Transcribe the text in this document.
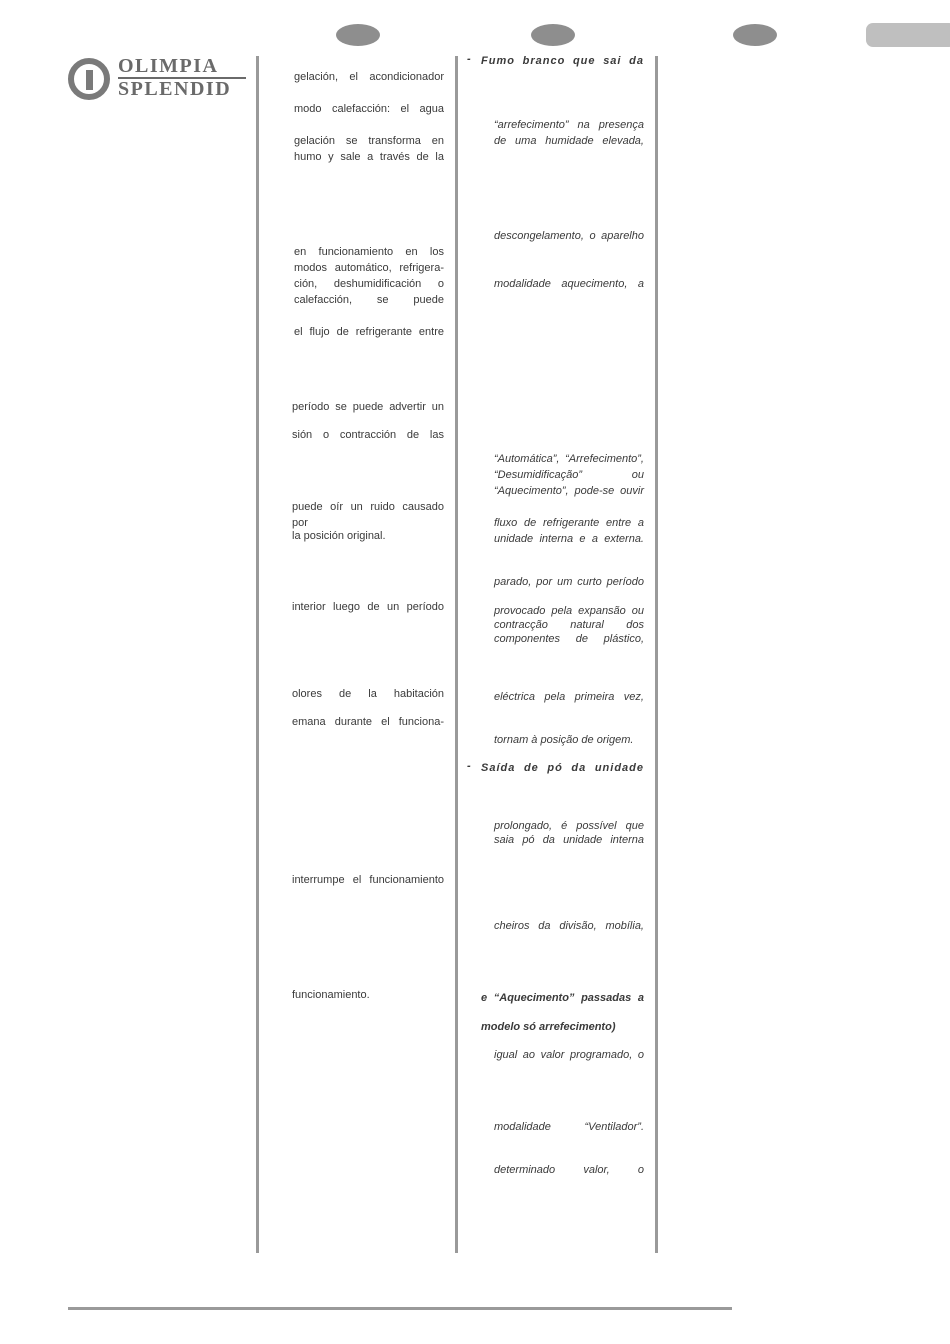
OLIMPIA
SPLENDID
gelación, el acondicionador
modo calefacción: el agua
gelación se transforma en
humo y sale a través de la
en funcionamiento en los
modos automático, refrigera-
ción, deshumidificación o
calefacción, se puede
el flujo de refrigerante entre
período se puede advertir un
sión o contracción de las
puede oír un ruido causado por
la posición original.
interior luego de un período
olores de la habitación
emana durante el funciona-
interrumpe el funcionamiento
funcionamiento.
- Fumo branco que sai da
“arrefecimento” na presença
de uma humidade elevada,
descongelamento, o aparelho
modalidade aquecimento, a
“Automática”, “Arrefecimento”,
“Desumidificação” ou
“Aquecimento”, pode-se ouvir
fluxo de refrigerante entre a
unidade interna e a externa.
parado, por um curto período
provocado pela expansão ou
contracção natural dos
componentes de plástico,
eléctrica pela primeira vez,
tornam à posição de origem.
- Saída de pó da unidade
prolongado, é possível que
saia pó da unidade interna
cheiros da divisão, mobília,
e “Aquecimento” passadas a
modelo só arrefecimento)
igual ao valor programado, o
modalidade “Ventilador”.
determinado valor, o
